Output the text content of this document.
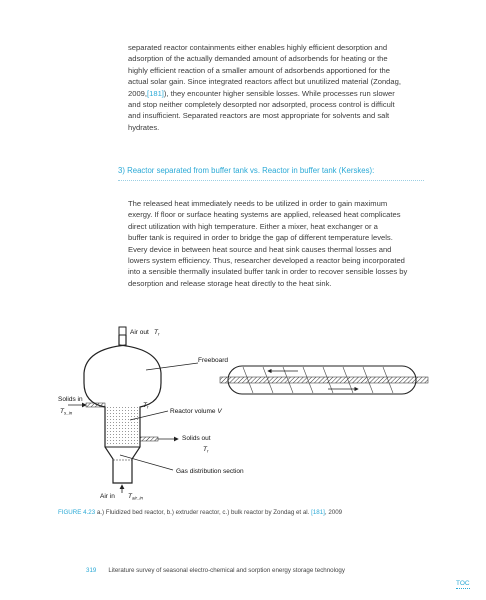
separated reactor containments either enables highly efficient desorption and
adsorption of the actually demanded amount of adsorbends for heating or the
highly efficient reaction of a smaller amount of adsorbends apportioned for the
actual solar gain. Since integrated reactors affect but unutilized material (Zondag,
2009,[181]), they encounter higher sensible losses. While processes run slower
and stop neither completely desorpted nor adsorpted, process control is difficult
and insufficient. Separated reactors are most appropriate for solvents and salt
hydrates.

3) Reactor separated from buffer tank vs. Reactor in buffer tank (Kerskes):

The released heat immediately needs to be utilized in order to gain maximum
exergy. If floor or surface heating systems are applied, released heat complicates
direct utilization with high temperature. Either a mixer, heat exchanger or a
buffer tank is required in order to bridge the gap of different temperature levels.
Every device in between heat source and heat sink causes thermal losses and
lowers system efficiency. Thus, researcher developed a reactor being incorporated
into a sensible thermally insulated buffer tank in order to recover sensible losses by
desorption and release storage heat directly to the heat sink.
Air out $T_r$
Freeboard
Solids in
$T_{s\_in}$
$T_r$
Reactor volume V
Solids out
$T_r$
Gas distribution section
Air in $T_{air\_in}$

FIGURE 4.23 a.) Fluidized bed reactor, b.) extruder reactor, c.) bulk reactor by Zondag et al. [181], 2009

319 Literature survey of seasonal electro-chemical and sorption energy storage technology
TOC
